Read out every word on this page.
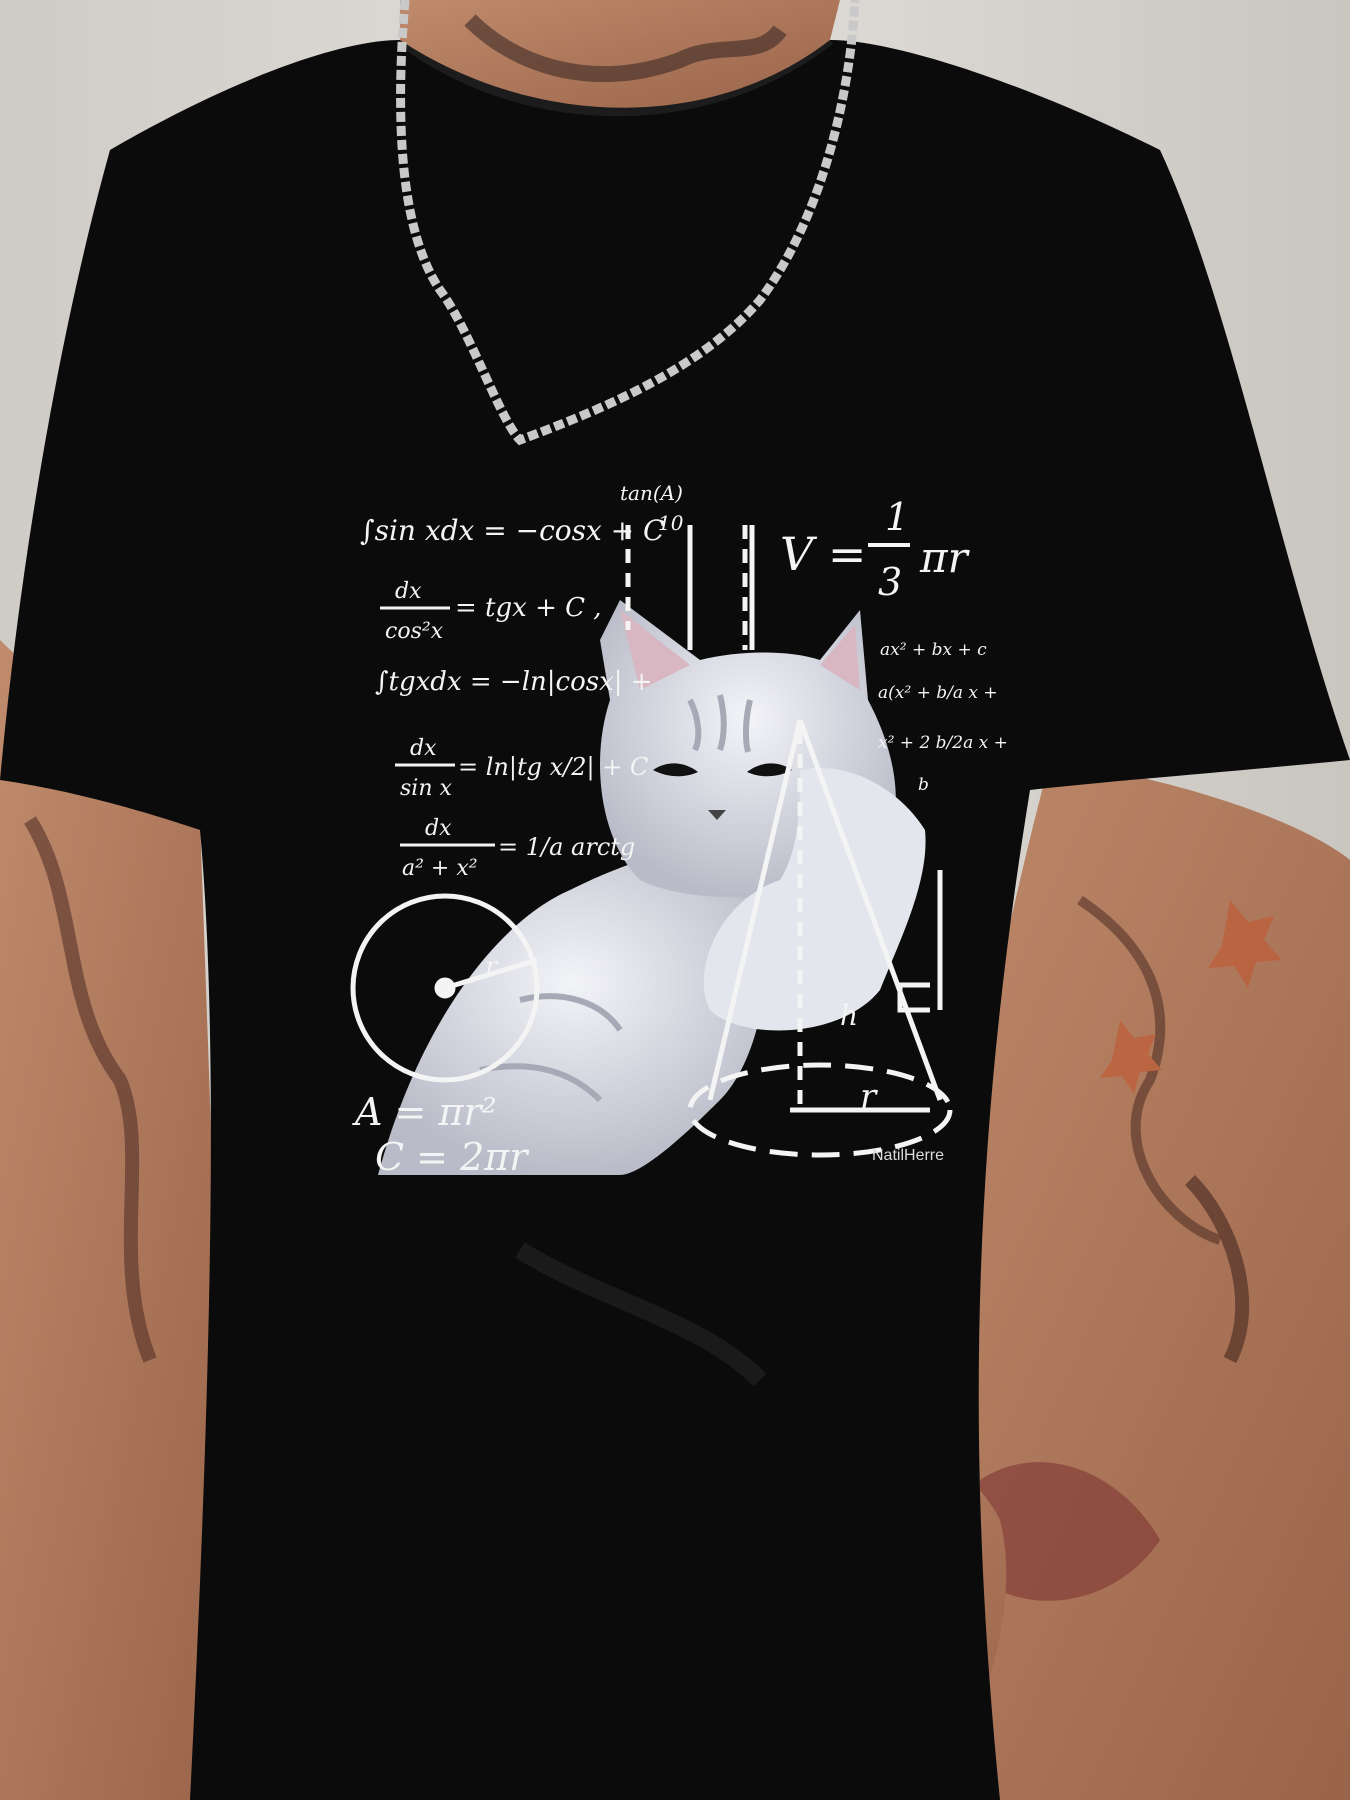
∫sin xdx = −cosx + C
dx
cos²x
= tgx + C ,
∫tgxdx = −ln|cosx| +
dx
sin x
= ln|tg x/2| + C
dx
a² + x²
= 1/a arctg
tan(A)
10
V =
1
3 πr
ax² + bx + c
a(x² + b/a x +
x² + 2 b/2a x +
b
r
h
r
A = πr²
C = 2πr	NatilHerre
